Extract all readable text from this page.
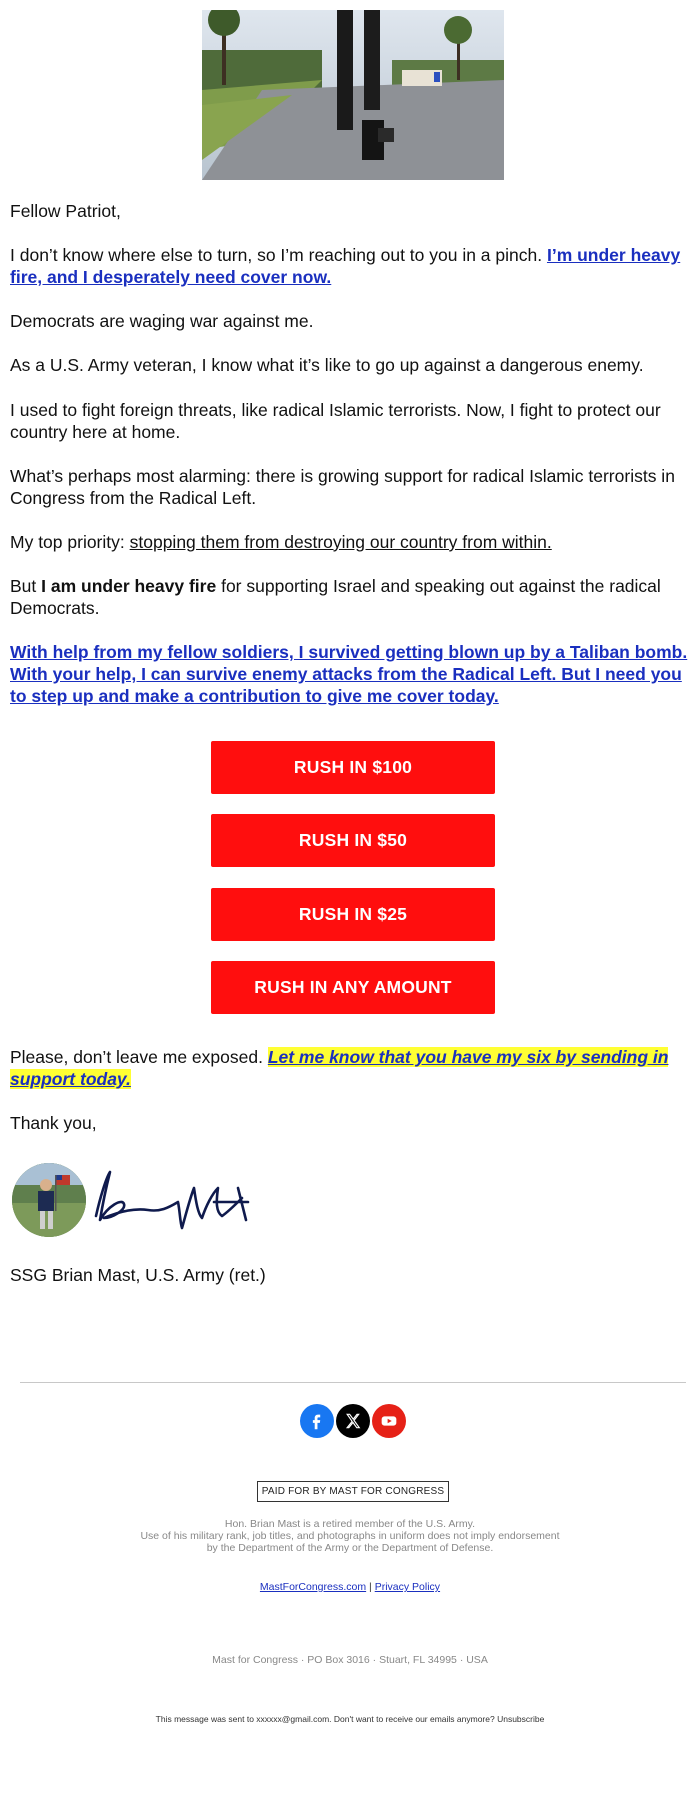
Fellow Patriot,

I don’t know where else to turn, so I’m reaching out to you in a pinch. I’m under heavy fire, and I desperately need cover now.

Democrats are waging war against me.

As a U.S. Army veteran, I know what it’s like to go up against a dangerous enemy.

I used to fight foreign threats, like radical Islamic terrorists. Now, I fight to protect our country here at home.

What’s perhaps most alarming: there is growing support for radical Islamic terrorists in Congress from the Radical Left.

My top priority: stopping them from destroying our country from within.

But I am under heavy fire for supporting Israel and speaking out against the radical Democrats.

With help from my fellow soldiers, I survived getting blown up by a Taliban bomb. With your help, I can survive enemy attacks from the Radical Left. But I need you to step up and make a contribution to give me cover today.

RUSH IN $100
RUSH IN $50
RUSH IN $25
RUSH IN ANY AMOUNT

Please, don’t leave me exposed. Let me know that you have my six by sending in support today.

Thank you,

SSG Brian Mast, U.S. Army (ret.)

PAID FOR BY MAST FOR CONGRESS
Hon. Brian Mast is a retired member of the U.S. Army.
Use of his military rank, job titles, and photographs in uniform does not imply endorsement
by the Department of the Army or the Department of Defense.
MastForCongress.com | Privacy Policy
Mast for Congress · PO Box 3016 · Stuart, FL 34995 · USA
This message was sent to xxxxxx@gmail.com. Don't want to receive our emails anymore? Unsubscribe
